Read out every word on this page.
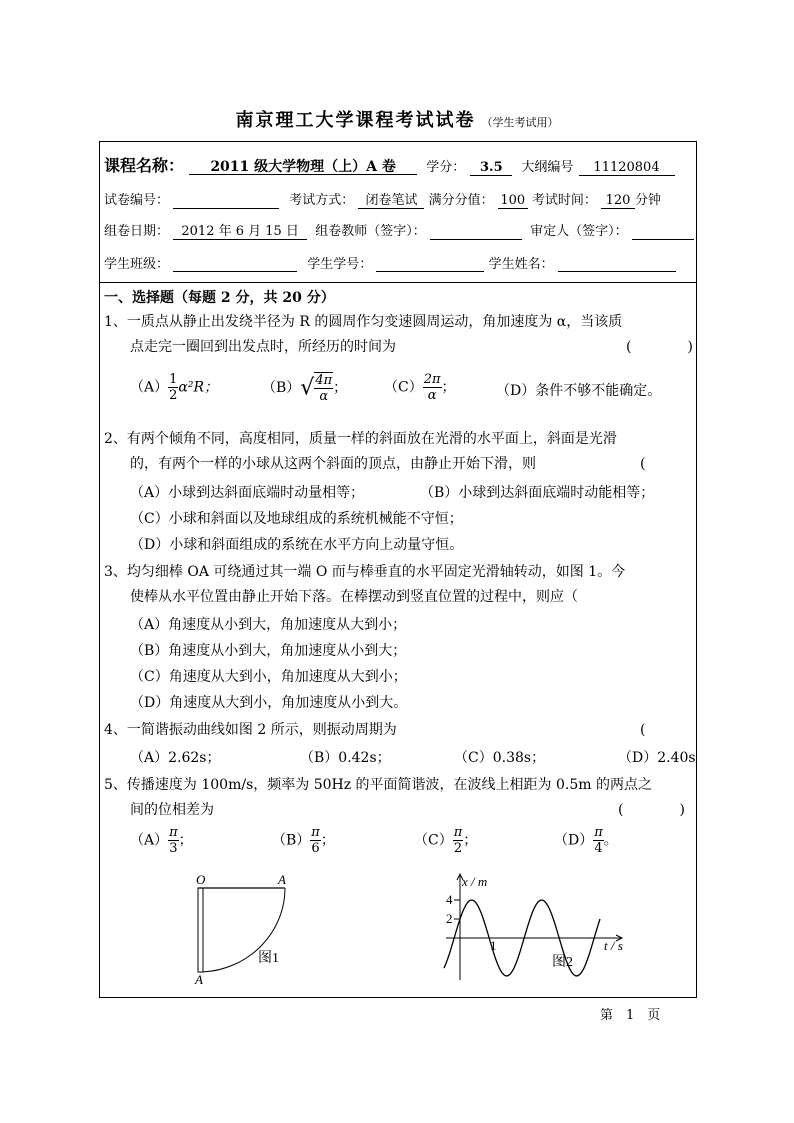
南京理工大学课程考试试卷 （学生考试用）
课程名称： 2011 级大学物理（上）A 卷 学分： 3.5 大纲编号 11120804
试卷编号：	考试方式： 闭卷笔试 满分分值： 100 考试时间： 120 分钟
组卷日期： 2012 年 6 月 15 日 组卷教师（签字）：	审定人（签字）：
学生班级：	学生学号：	学生姓名：
一、选择题（每题 2 分，共 20 分）
1、一质点从静止出发绕半径为 R 的圆周作匀变速圆周运动，角加速度为 α，当该质
点走完一圈回到出发点时，所经历的时间为	(　　　　)
$(A) \frac{1}{2} \alpha^2R$；	$(B)√ \frac{4\pi}{\alpha}$ ；	$(C) \frac{2\pi}{\alpha}$ ；	（D）条件不够不能确定。
2、有两个倾角不同，高度相同，质量一样的斜面放在光滑的水平面上，斜面是光滑
的，有两个一样的小球从这两个斜面的顶点，由静止开始下滑，则	(
（A）小球到达斜面底端时动量相等；	（B）小球到达斜面底端时动能相等；
（C）小球和斜面以及地球组成的系统机械能不守恒；
（D）小球和斜面组成的系统在水平方向上动量守恒。
3、均匀细棒 OA 可绕通过其一端 O 而与棒垂直的水平固定光滑轴转动，如图 1。今
使棒从水平位置由静止开始下落。在棒摆动到竖直位置的过程中，则应（
（A）角速度从小到大，角加速度从大到小；
（B）角速度从小到大，角加速度从小到大；
（C）角速度从大到小，角加速度从大到小；
（D）角速度从大到小，角加速度从小到大。
4、一简谐振动曲线如图 2 所示，则振动周期为	(
（A）2.62s；	（B）0.42s；	（C）0.38s；	（D）2.40s
5、传播速度为 100m/s，频率为 50Hz 的平面简谐波，在波线上相距为 0.5m 的两点之
间的位相差为	(　　　　)
$(A) \frac{\pi}{3}$ ；	$(B) \frac{\pi}{6}$ ；	$(C) \frac{\pi}{2}$ ；	$(D) \frac{\pi}{4}$ 。
O	A
A
图1
x / m
4
2
1	t / s
图2
第　1　页
